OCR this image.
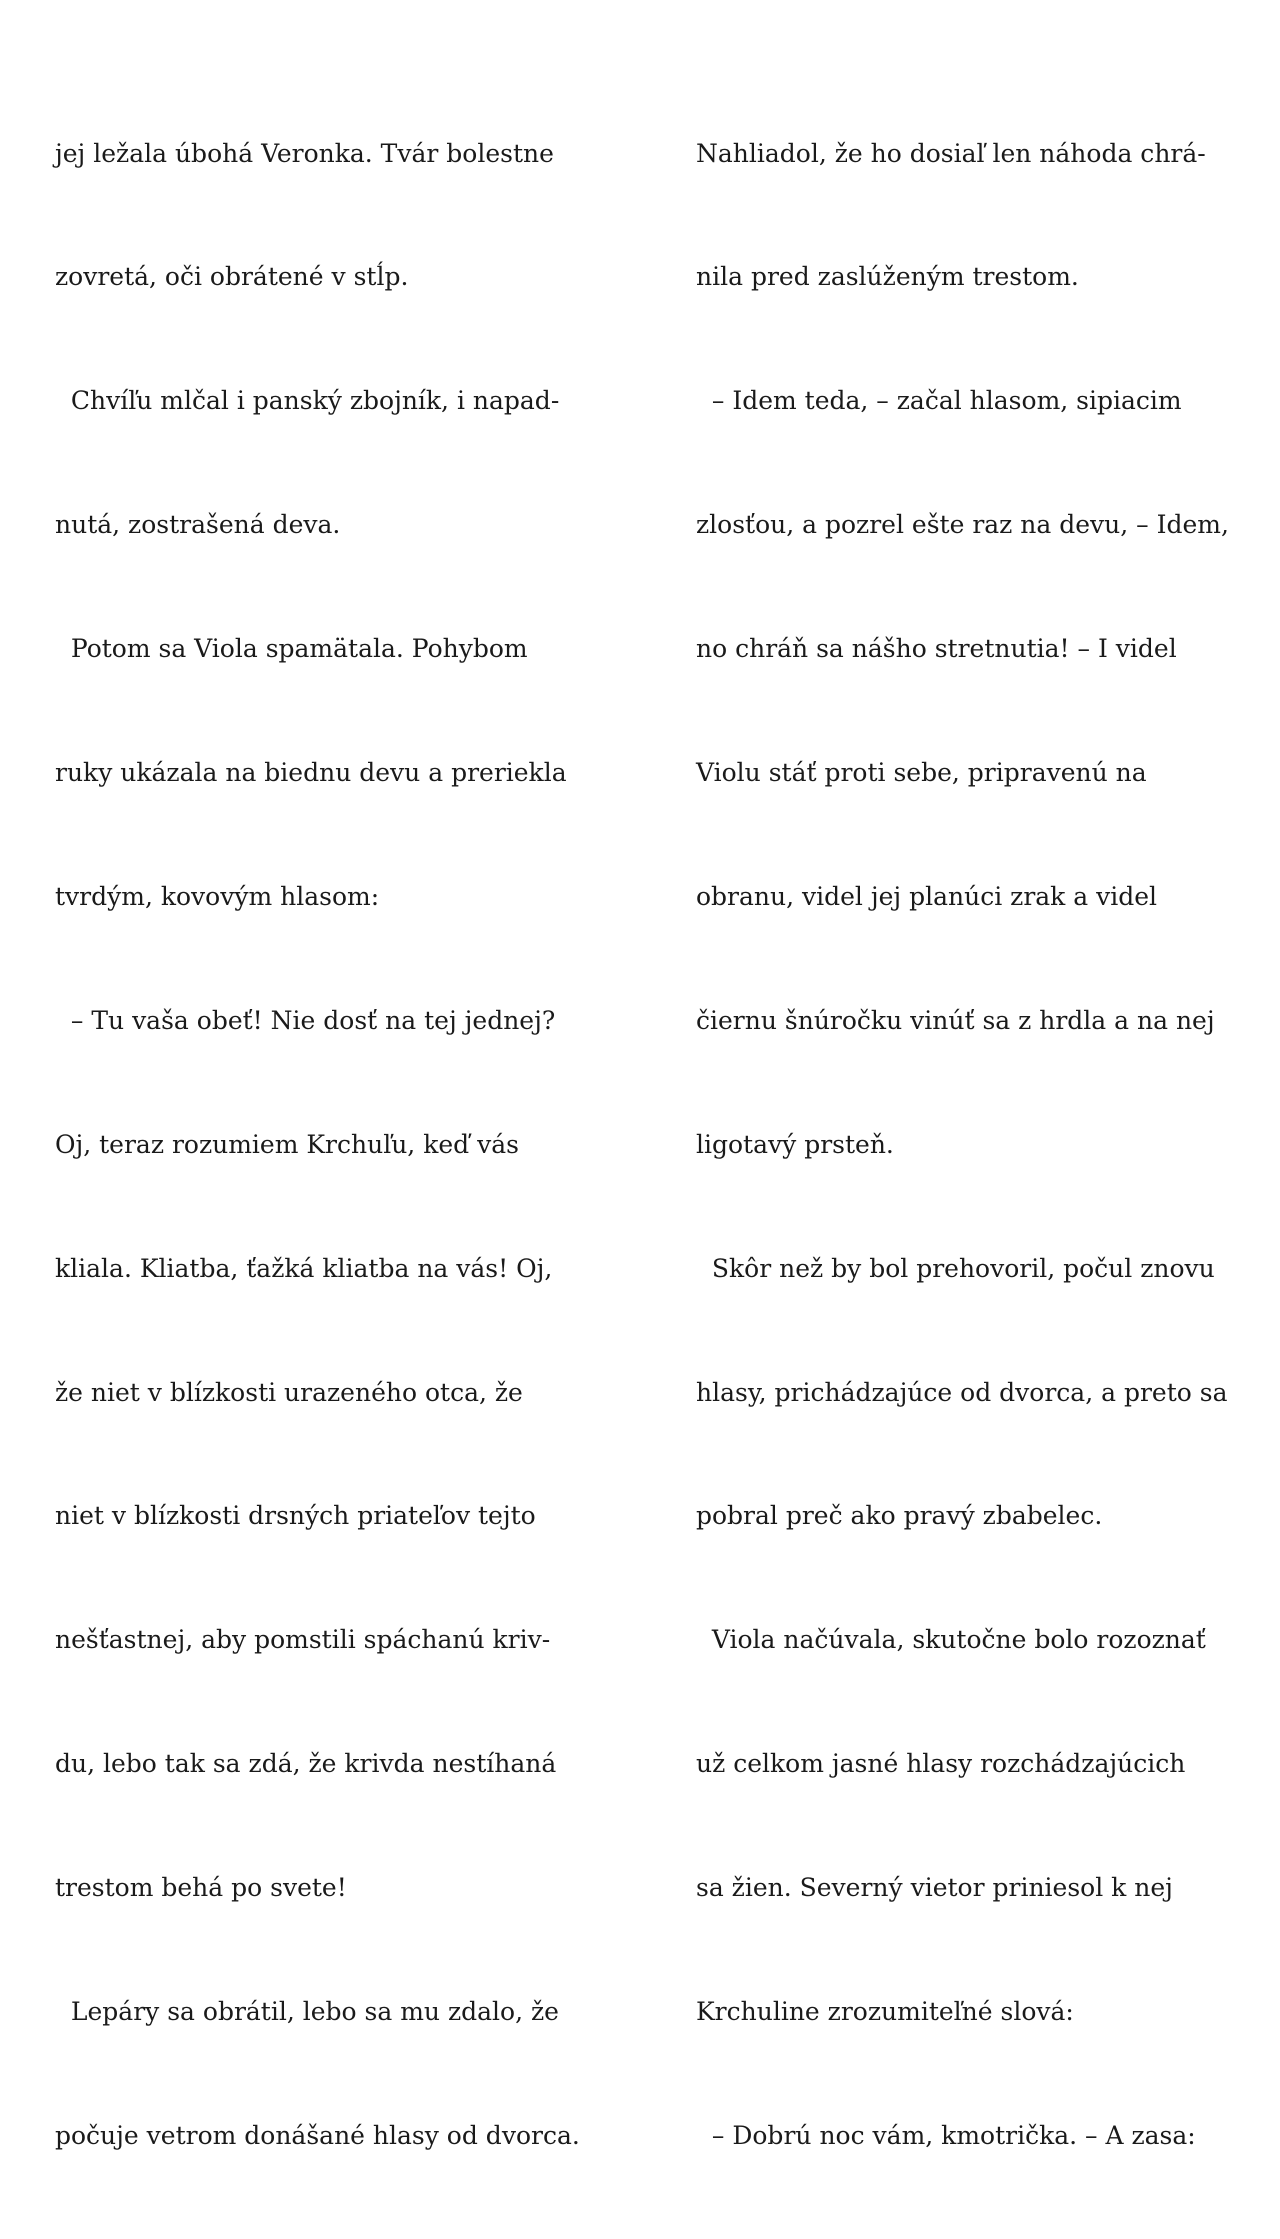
jej ležala úbohá Veronka. Tvár bolestne

zovretá, oči obrátené v stĺp.

Chvíľu mlčal i panský zbojník, i napad-

nutá, zostrašená deva.

Potom sa Viola spamätala. Pohybom

ruky ukázala na biednu devu a preriekla

tvrdým, kovovým hlasom:

– Tu vaša obeť! Nie dosť na tej jednej?

Oj, teraz rozumiem Krchuľu, keď vás

kliala. Kliatba, ťažká kliatba na vás! Oj,

že niet v blízkosti urazeného otca, že

niet v blízkosti drsných priateľov tejto

nešťastnej, aby pomstili spáchanú kriv-

du, lebo tak sa zdá, že krivda nestíhaná

trestom behá po svete!

Lepáry sa obrátil, lebo sa mu zdalo, že

počuje vetrom donášané hlasy od dvorca.

Nahliadol, že ho dosiaľ len náhoda chrá-

nila pred zaslúženým trestom.

– Idem teda, – začal hlasom, sipiacim

zlosťou, a pozrel ešte raz na devu, – Idem,

no chráň sa nášho stretnutia! – I videl

Violu stáť proti sebe, pripravenú na

obranu, videl jej planúci zrak a videl

čiernu šnúročku vinúť sa z hrdla a na nej

ligotavý prsteň.

Skôr než by bol prehovoril, počul znovu

hlasy, prichádzajúce od dvorca, a preto sa

pobral preč ako pravý zbabelec.

Viola načúvala, skutočne bolo rozoznať

už celkom jasné hlasy rozchádzajúcich

sa žien. Severný vietor priniesol k nej

Krchuline zrozumiteľné slová:

– Dobrú noc vám, kmotrička. – A zasa:
